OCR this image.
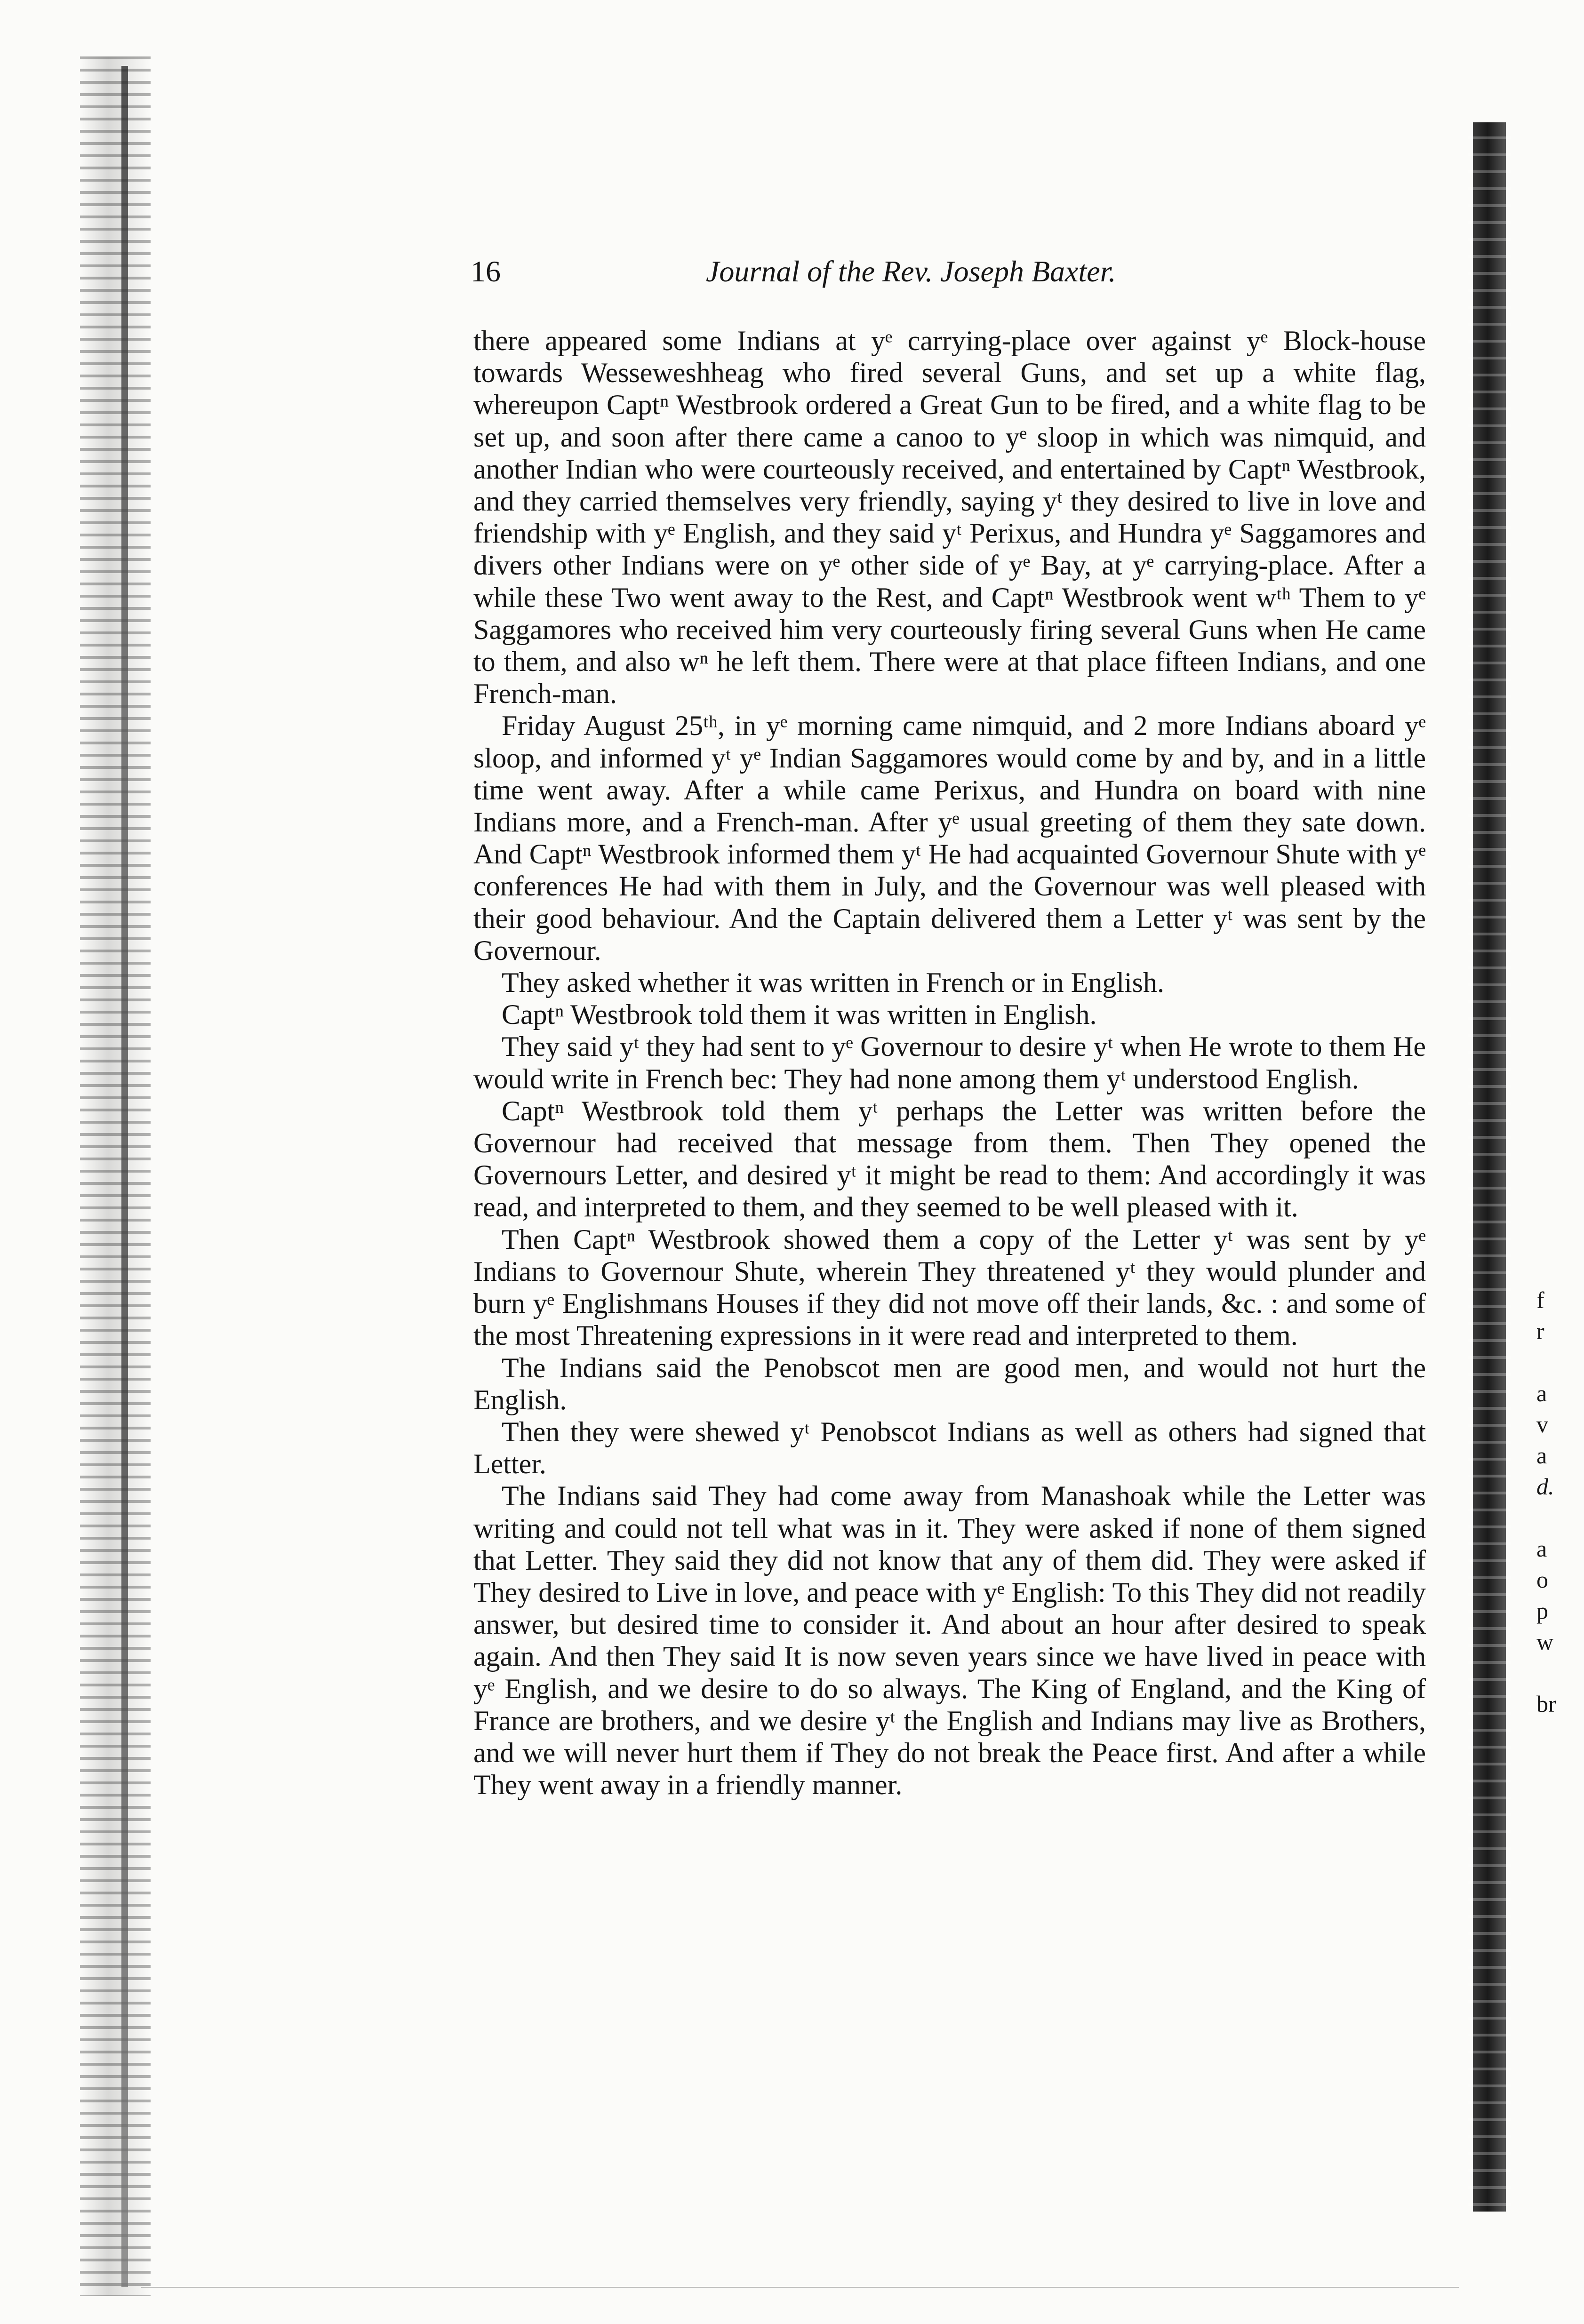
16	Journal of the Rev. Joseph Baxter.

there appeared some Indians at yᵉ carrying-place over against yᵉ Block-house towards Wesseweshheag who fired several Guns, and set up a white flag, whereupon Captⁿ Westbrook ordered a Great Gun to be fired, and a white flag to be set up, and soon after there came a canoo to yᵉ sloop in which was nimquid, and another Indian who were courteously received, and entertained by Captⁿ Westbrook, and they carried themselves very friendly, saying yᵗ they desired to live in love and friendship with yᵉ English, and they said yᵗ Perixus, and Hundra yᵉ Saggamores and divers other Indians were on yᵉ other side of yᵉ Bay, at yᵉ carrying-place. After a while these Two went away to the Rest, and Captⁿ Westbrook went wᵗʰ Them to yᵉ Saggamores who received him very courteously firing several Guns when He came to them, and also wⁿ he left them. There were at that place fifteen Indians, and one French-man.

Friday August 25ᵗʰ, in yᵉ morning came nimquid, and 2 more Indians aboard yᵉ sloop, and informed yᵗ yᵉ Indian Saggamores would come by and by, and in a little time went away. After a while came Perixus, and Hundra on board with nine Indians more, and a French-man. After yᵉ usual greeting of them they sate down. And Captⁿ Westbrook informed them yᵗ He had acquainted Governour Shute with yᵉ conferences He had with them in July, and the Governour was well pleased with their good behaviour. And the Captain delivered them a Letter yᵗ was sent by the Governour.

They asked whether it was written in French or in English.

Captⁿ Westbrook told them it was written in English.

They said yᵗ they had sent to yᵉ Governour to desire yᵗ when He wrote to them He would write in French bec: They had none among them yᵗ understood English.

Captⁿ Westbrook told them yᵗ perhaps the Letter was written before the Governour had received that message from them. Then They opened the Governours Letter, and desired yᵗ it might be read to them: And accordingly it was read, and interpreted to them, and they seemed to be well pleased with it.

Then Captⁿ Westbrook showed them a copy of the Letter yᵗ was sent by yᵉ Indians to Governour Shute, wherein They threatened yᵗ they would plunder and burn yᵉ Englishmans Houses if they did not move off their lands, &c. : and some of the most Threatening expressions in it were read and interpreted to them.

The Indians said the Penobscot men are good men, and would not hurt the English.

Then they were shewed yᵗ Penobscot Indians as well as others had signed that Letter.

The Indians said They had come away from Manashoak while the Letter was writing and could not tell what was in it. They were asked if none of them signed that Letter. They said they did not know that any of them did. They were asked if They desired to Live in love, and peace with yᵉ English: To this They did not readily answer, but desired time to consider it. And about an hour after desired to speak again. And then They said It is now seven years since we have lived in peace with yᵉ English, and we desire to do so always. The King of England, and the King of France are brothers, and we desire yᵗ the English and Indians may live as Brothers, and we will never hurt them if They do not break the Peace first. And after a while They went away in a friendly manner.

f
r
a
v
a
d.
a
o
p
w
br
